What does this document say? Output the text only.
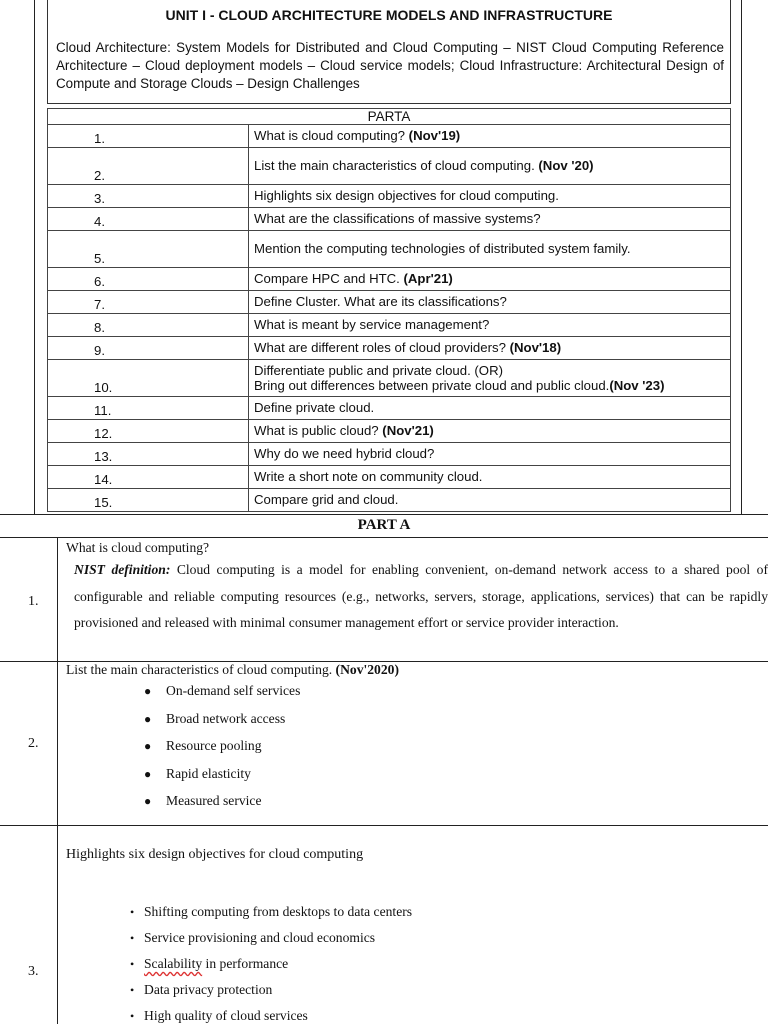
UNIT I - CLOUD ARCHITECTURE MODELS AND INFRASTRUCTURE
Cloud Architecture: System Models for Distributed and Cloud Computing – NIST Cloud Computing Reference Architecture – Cloud deployment models – Cloud service models; Cloud Infrastructure: Architectural Design of Compute and Storage Clouds – Design Challenges
PARTA	
1.	What is cloud computing? (Nov'19)
2.	List the main characteristics of cloud computing. (Nov '20)
3.	Highlights six design objectives for cloud computing.
4.	What are the classifications of massive systems?
5.	Mention the computing technologies of distributed system family.
6.	Compare HPC and HTC. (Apr'21)
7.	Define Cluster. What are its classifications?
8.	What is meant by service management?
9.	What are different roles of cloud providers? (Nov'18)
10.	Differentiate public and private cloud. (OR)
Bring out differences between private cloud and public cloud.(Nov '23)
11.	Define private cloud.
12.	What is public cloud? (Nov'21)
13.	Why do we need hybrid cloud?
14.	Write a short note on community cloud.
15.	Compare grid and cloud.
PART A
1.
What is cloud computing?
NIST definition: Cloud computing is a model for enabling convenient, on-demand network access to a shared pool of configurable and reliable computing resources (e.g., networks, servers, storage, applications, services) that can be rapidly provisioned and released with minimal consumer management effort or service provider interaction.
2.
List the main characteristics of cloud computing. (Nov'2020)
● On-demand self services
● Broad network access
● Resource pooling
● Rapid elasticity
● Measured service
3.
Highlights six design objectives for cloud computing
• Shifting computing from desktops to data centers
• Service provisioning and cloud economics
• Scalability in performance
• Data privacy protection
• High quality of cloud services
